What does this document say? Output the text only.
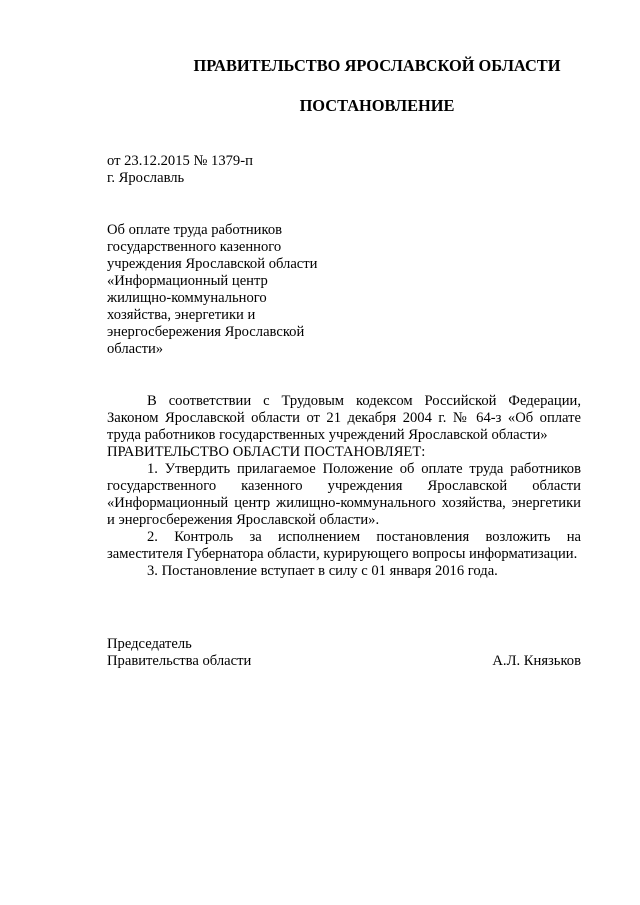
ПРАВИТЕЛЬСТВО ЯРОСЛАВСКОЙ ОБЛАСТИ
ПОСТАНОВЛЕНИЕ
от 23.12.2015 № 1379-п
г. Ярославль
Об оплате труда работников
государственного казенного
учреждения Ярославской области
«Информационный центр
жилищно-коммунального
хозяйства, энергетики и
энергосбережения Ярославской
области»

В соответствии с Трудовым кодексом Российской Федерации, Законом Ярославской области от 21 декабря 2004 г. № 64-з «Об оплате труда работников государственных учреждений Ярославской области»

ПРАВИТЕЛЬСТВО ОБЛАСТИ ПОСТАНОВЛЯЕТ:

1. Утвердить прилагаемое Положение об оплате труда работников государственного казенного учреждения Ярославской области «Информационный центр жилищно-коммунального хозяйства, энергетики и энергосбережения Ярославской области».

2. Контроль за исполнением постановления возложить на заместителя Губернатора области, курирующего вопросы информатизации.

3. Постановление вступает в силу с 01 января 2016 года.

Председатель
Правительства области	А.Л. Князьков
